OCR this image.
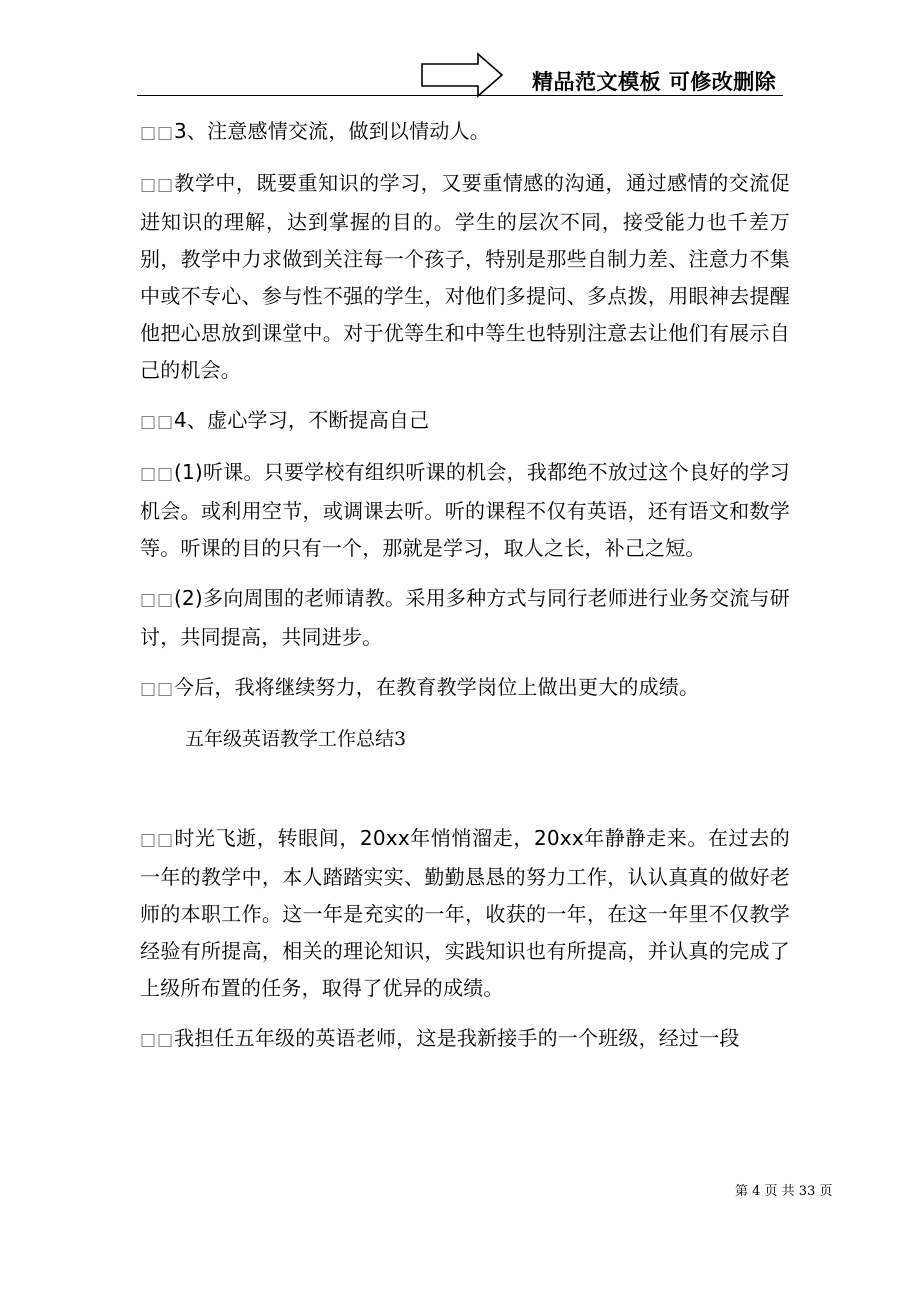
精品范文模板 可修改删除

□□3、注意感情交流，做到以情动人。

□□教学中，既要重知识的学习，又要重情感的沟通，通过感情的交流促进知识的理解，达到掌握的目的。学生的层次不同，接受能力也千差万别，教学中力求做到关注每一个孩子，特别是那些自制力差、注意力不集中或不专心、参与性不强的学生，对他们多提问、多点拨，用眼神去提醒他把心思放到课堂中。对于优等生和中等生也特别注意去让他们有展示自己的机会。

□□4、虚心学习，不断提高自己

□□(1)听课。只要学校有组织听课的机会，我都绝不放过这个良好的学习机会。或利用空节，或调课去听。听的课程不仅有英语，还有语文和数学等。听课的目的只有一个，那就是学习，取人之长，补己之短。

□□(2)多向周围的老师请教。采用多种方式与同行老师进行业务交流与研讨，共同提高，共同进步。

□□今后，我将继续努力，在教育教学岗位上做出更大的成绩。

五年级英语教学工作总结3

□□时光飞逝，转眼间，20xx年悄悄溜走，20xx年静静走来。在过去的一年的教学中，本人踏踏实实、勤勤恳恳的努力工作，认认真真的做好老师的本职工作。这一年是充实的一年，收获的一年，在这一年里不仅教学经验有所提高，相关的理论知识，实践知识也有所提高，并认真的完成了上级所布置的任务，取得了优异的成绩。

□□我担任五年级的英语老师，这是我新接手的一个班级，经过一段

第 4 页 共 33 页
